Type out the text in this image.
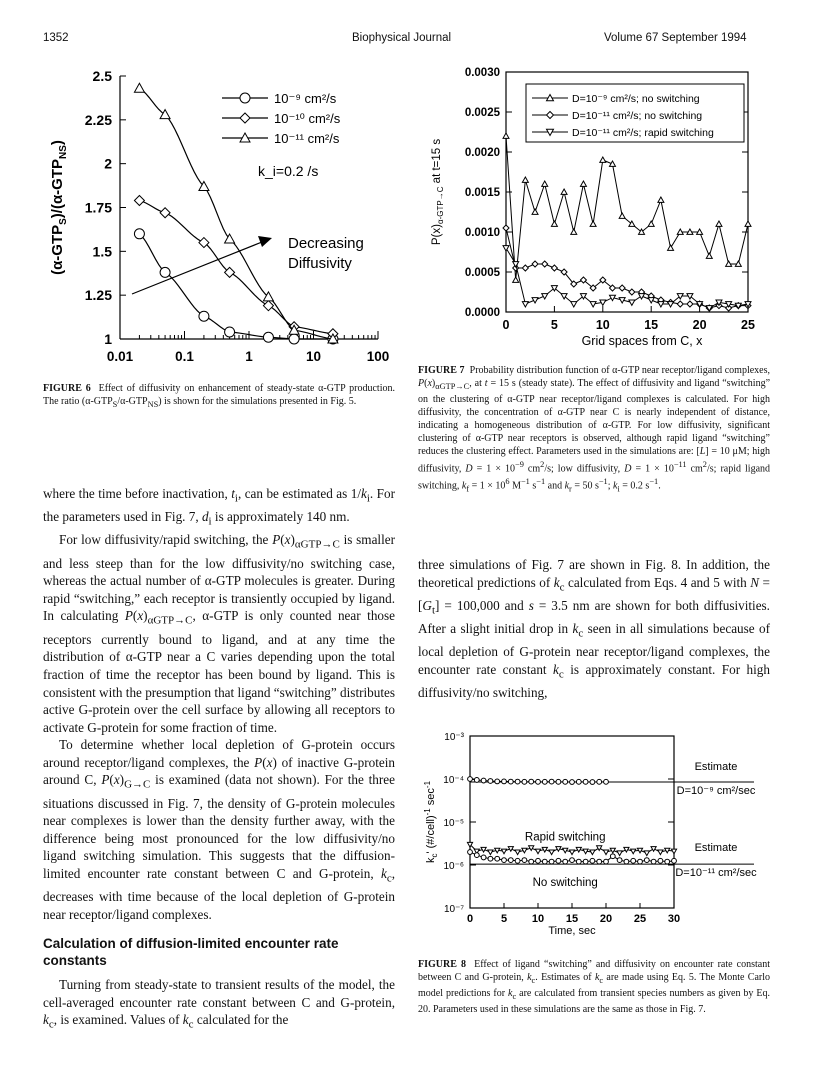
1352	Biophysical Journal	Volume 67 September 1994
1
1.25
1.5
1.75
2
2.25
2.5
0.01	0.1	1	10	100
$(\alpha-GTP_S)/(\alpha-GTP_{NS})$
10⁻⁹ cm²/s
10⁻¹⁰ cm²/s
10⁻¹¹ cm²/s
k_i=0.2 /s
Decreasing
Diffusivity
FIGURE 6  Effect of diffusivity on enhancement of steady-state α-GTP production. The ratio $(\alpha-GTP_S/\alpha-GTP_{NS})$ is shown for the simulations presented in Fig. 5.
0.0000
0.0005
0.0010
0.0015
0.0020
0.0025
0.0030
0	5	10	15	20	25
Grid spaces from C, x
$P(x)_{\alpha-GTP\to C}$ at t=15 s
D=10⁻⁹ cm²/s; no switching
D=10⁻¹¹ cm²/s; no switching
D=10⁻¹¹ cm²/s; rapid switching
FIGURE 7  Probability distribution function of α-GTP near receptor/ligand complexes, $P(x)_{\alpha GTP\to C}$, at t = 15 s (steady state). The effect of diffusivity and ligand “switching” on the clustering of α-GTP near receptor/ligand complexes is calculated. For high diffusivity, the concentration of α-GTP near C is nearly independent of distance, indicating a homogeneous distribution of α-GTP. For low diffusivity, significant clustering of α-GTP near receptors is observed, although rapid ligand “switching” reduces the clustering effect. Parameters used in the simulations are: [L] = 10 μM; high diffusivity, $D = 1 \times 10^{-9}$ $cm^2/s$; low diffusivity, $D = 1 \times 10^{-11}$ $cm^2/s$; rapid ligand switching, $k_f = 1 \times 10^6$ $M^{-1}$ $s^{-1}$ and $k_r = 50$ $s^{-1}$; $k_i = 0.2$ $s^{-1}$.

where the time before inactivation, $t_i$, can be estimated as $1/k_i$. For the parameters used in Fig. 7, $d_i$ is approximately 140 nm.

For low diffusivity/rapid switching, the $P(x)_{\alpha GTP\to C}$ is smaller and less steep than for the low diffusivity/no switching case, whereas the actual number of α-GTP molecules is greater. During rapid “switching,” each receptor is transiently occupied by ligand. In calculating $P(x)_{\alpha GTP\to C}$, α-GTP is only counted near those receptors currently bound to ligand, and at any time the distribution of α-GTP near a C varies depending upon the total fraction of time the receptor has been bound by ligand. This is consistent with the presumption that ligand “switching” distributes active G-protein over the cell surface by allowing all receptors to activate G-protein for some fraction of time.

To determine whether local depletion of G-protein occurs around receptor/ligand complexes, the P(x) of inactive G-protein around C, $P(x)_{G\to C}$ is examined (data not shown). For the three situations discussed in Fig. 7, the density of G-protein molecules near complexes is lower than the density further away, with the difference being most pronounced for the low diffusivity/no ligand switching simulation. This suggests that the diffusion-limited encounter rate constant between C and G-protein, $k_c$, decreases with time because of the local depletion of G-protein near receptor/ligand complexes.

Calculation of diffusion-limited encounter rate constants

Turning from steady-state to transient results of the model, the cell-averaged encounter rate constant between C and G-protein, $k_c$, is examined. Values of $k_c$ calculated for the

three simulations of Fig. 7 are shown in Fig. 8. In addition, the theoretical predictions of $k_c$ calculated from Eqs. 4 and 5 with $N = [G_t] = 100,000$ and s = 3.5 nm are shown for both diffusivities. After a slight initial drop in $k_c$ seen in all simulations because of local depletion of G-protein near receptor/ligand complexes, the encounter rate constant $k_c$ is approximately constant. For high diffusivity/no switching,

10⁻⁷
10⁻⁶
10⁻⁵
10⁻⁴
10⁻³
0	5 10 15 20 25 30
Time, sec
$k_c'$ (#/cell)$^{-1}$ $\sec^{-1}$
Estimate
D=10⁻⁹ cm²/sec
Rapid switching
Estimate
D=10⁻¹¹ cm²/sec
No switching
FIGURE 8  Effect of ligand “switching” and diffusivity on encounter rate constant between C and G-protein, $k_c$. Estimates of $k_c$ are made using Eq. 5. The Monte Carlo model predictions for $k_c$ are calculated from transient species numbers as given by Eq. 20. Parameters used in these simulations are the same as those in Fig. 7.
